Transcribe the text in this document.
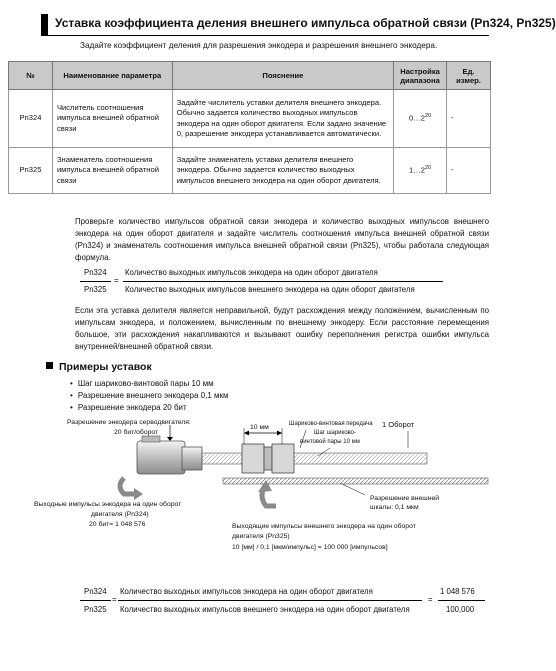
Уставка коэффициента деления внешнего импульса обратной связи (Pn324, Pn325)
Задайте коэффициент деления для разрешения энкодера и разрешения внешнего энкодера.
№	Наименование параметра	Пояснение	Настройка диапазона	Ед. измер.
Pn324	Числитель соотношения импульса внешней обратной связи	Задайте числитель уставки делителя внешнего энкодера. Обычно задается количество выходных импульсов энкодера на один оборот двигателя. Если задано значение 0, разрешение энкодера устанавливается автоматически.	$0\dots 2^{20}$	-
Pn325	Знаменатель соотношения импульса внешней обратной связи	Задайте знаменатель уставки делителя внешнего энкодера. Обычно задается количество выходных импульсов внешнего энкодера на один оборот двигателя.	$1\dots 2^{20}$	-
Проверьте количество импульсов обратной связи энкодера и количество выходных импульсов внешнего энкодера на один оборот двигателя и задайте числитель соотношения импульса внешней обратной связи (Pn324) и знаменатель соотношения импульса внешней обратной связи (Pn325), чтобы работала следующая формула.
Pn324
Pn325
=
Количество выходных импульсов энкодера на один оборот двигателя
Количество выходных импульсов внешнего энкодера на один оборот двигателя
Если эта уставка делителя является неправильной, будут расхождения между положением, вычисленным по импульсам энкодера, и положением, вычисленным по внешнему энкодеру. Если расстояние перемещения большое, эти расхождения накапливаются и вызывают ошибку переполнения регистра ошибки импульса внутренней/внешней обратной связи.
Примеры уставок
• Шаг шариково-винтовой пары 10 мм
• Разрешение внешнего энкодера 0,1 мкм
• Разрешение энкодера 20 бит
Разрешение энкодера серводвигателя:
20 бит/оборот
10 мм	Шариково-винтовая передача
Шаг шариково-
винтовой пары 10 мм
1 Оборот
Разрешение внешней
шкалы: 0,1 мкм
Выходные импульсы энкодера на один оборот
двигателя (Pn324)
20 бит= 1 048 576	Выходящие импульсы внешнего энкодера на один оборот
двигателя (Pn325)
10 [мм] / 0,1 [мкм/импульс] = 100 000 [импульсов]
Pn324
Pn325
=
Количество выходных импульсов энкодера на один оборот двигателя
Количество выходных импульсов внешнего энкодера на один оборот двигателя
=
1 048 576
100,000
